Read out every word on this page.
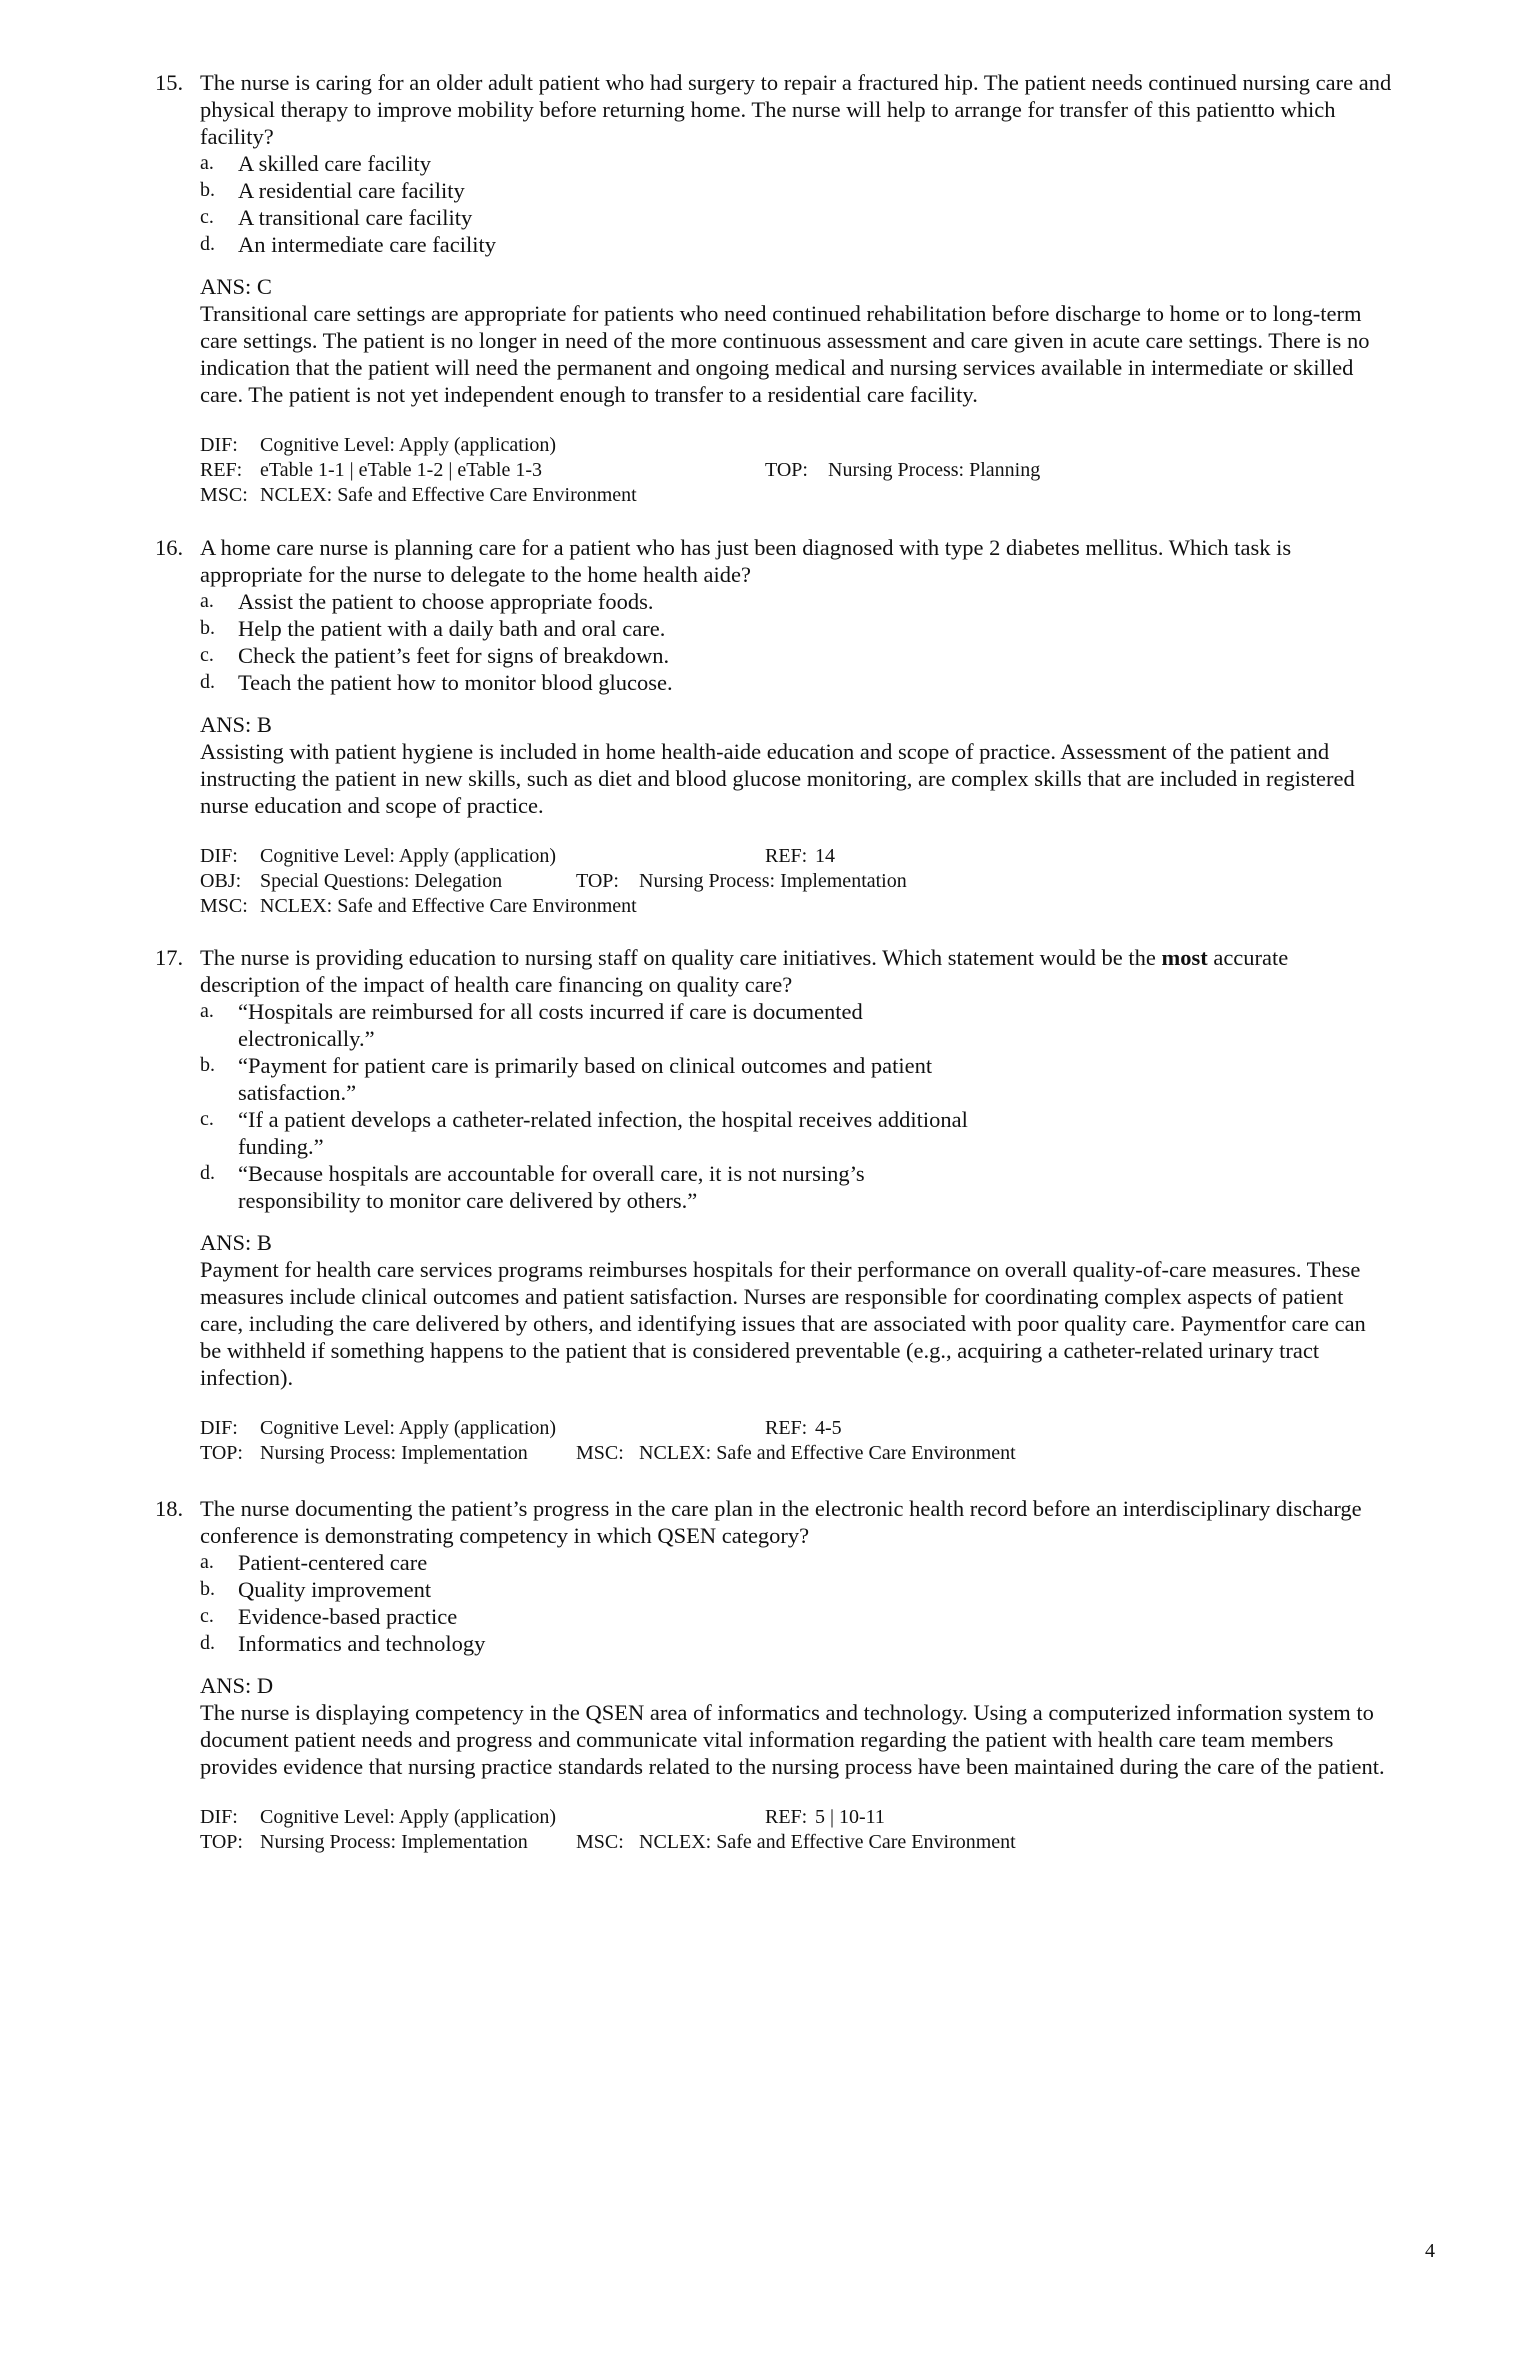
15. The nurse is caring for an older adult patient who had surgery to repair a fractured hip. The patient needs continued nursing care and
physical therapy to improve mobility before returning home. The nurse will help to arrange for transfer of this patientto which
facility?
a. A skilled care facility
b. A residential care facility
c. A transitional care facility
d. An intermediate care facility
ANS: C
Transitional care settings are appropriate for patients who need continued rehabilitation before discharge to home or to long-term
care settings. The patient is no longer in need of the more continuous assessment and care given in acute care settings. There is no
indication that the patient will need the permanent and ongoing medical and nursing services available in intermediate or skilled
care. The patient is not yet independent enough to transfer to a residential care facility.
DIF: Cognitive Level: Apply (application)
REF: eTable 1-1 | eTable 1-2 | eTable 1-3	TOP: Nursing Process: Planning
MSC: NCLEX: Safe and Effective Care Environment
16. A home care nurse is planning care for a patient who has just been diagnosed with type 2 diabetes mellitus. Which task is
appropriate for the nurse to delegate to the home health aide?
a. Assist the patient to choose appropriate foods.
b. Help the patient with a daily bath and oral care.
c. Check the patient’s feet for signs of breakdown.
d. Teach the patient how to monitor blood glucose.
ANS: B
Assisting with patient hygiene is included in home health-aide education and scope of practice. Assessment of the patient and
instructing the patient in new skills, such as diet and blood glucose monitoring, are complex skills that are included in registered
nurse education and scope of practice.
DIF: Cognitive Level: Apply (application)	REF: 14
OBJ: Special Questions: Delegation	TOP: Nursing Process: Implementation
MSC: NCLEX: Safe and Effective Care Environment
17. The nurse is providing education to nursing staff on quality care initiatives. Which statement would be the most accurate
description of the impact of health care financing on quality care?
a. “Hospitals are reimbursed for all costs incurred if care is documented
electronically.”
b. “Payment for patient care is primarily based on clinical outcomes and patient
satisfaction.”
c. “If a patient develops a catheter-related infection, the hospital receives additional
funding.”
d. “Because hospitals are accountable for overall care, it is not nursing’s
responsibility to monitor care delivered by others.”
ANS: B
Payment for health care services programs reimburses hospitals for their performance on overall quality-of-care measures. These
measures include clinical outcomes and patient satisfaction. Nurses are responsible for coordinating complex aspects of patient
care, including the care delivered by others, and identifying issues that are associated with poor quality care. Paymentfor care can
be withheld if something happens to the patient that is considered preventable (e.g., acquiring a catheter-related urinary tract
infection).
DIF: Cognitive Level: Apply (application)	REF: 4-5
TOP: Nursing Process: Implementation MSC: NCLEX: Safe and Effective Care Environment
18. The nurse documenting the patient’s progress in the care plan in the electronic health record before an interdisciplinary discharge
conference is demonstrating competency in which QSEN category?
a. Patient-centered care
b. Quality improvement
c. Evidence-based practice
d. Informatics and technology
ANS: D
The nurse is displaying competency in the QSEN area of informatics and technology. Using a computerized information system to
document patient needs and progress and communicate vital information regarding the patient with health care team members
provides evidence that nursing practice standards related to the nursing process have been maintained during the care of the patient.
DIF: Cognitive Level: Apply (application)	REF: 5 | 10-11
TOP: Nursing Process: Implementation MSC: NCLEX: Safe and Effective Care Environment
4
